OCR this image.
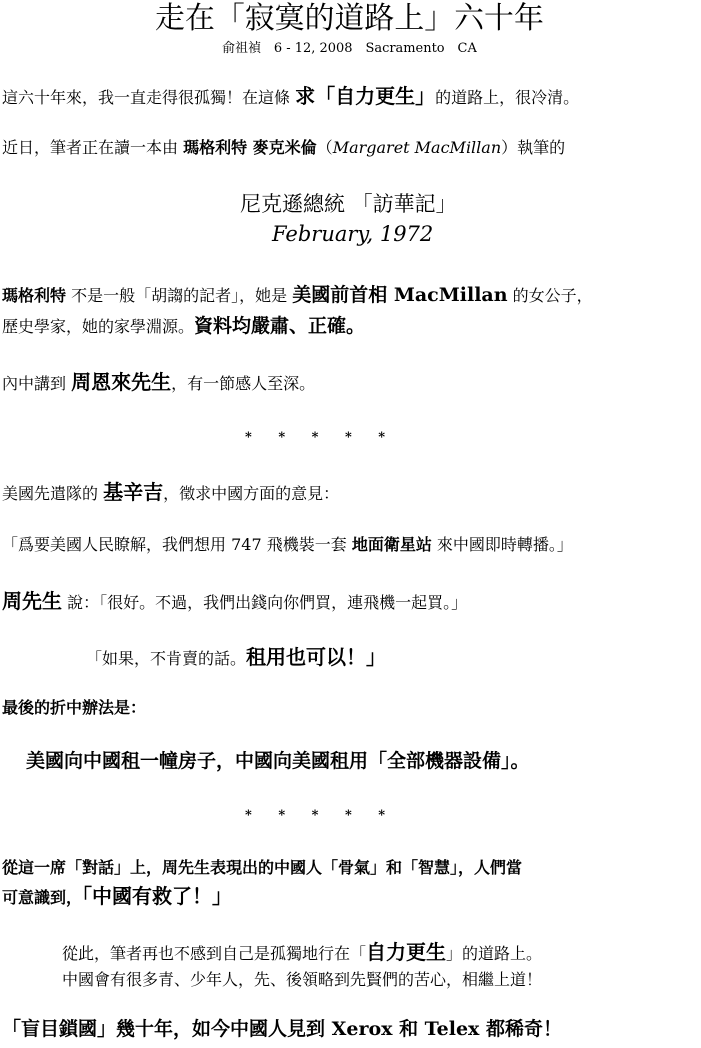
走在「寂寞的道路上」六十年
俞祖禎　6 - 12, 2008　Sacramento　CA
這六十年來，我一直走得很孤獨！在這條 求「自力更生」的道路上，很冷清。
近日，筆者正在讀一本由 瑪格利特 麥克米倫（Margaret MacMillan）執筆的
尼克遜總統 「訪華記」
February, 1972
瑪格利特 不是一般「胡謅的記者」，她是 美國前首相 MacMillan 的女公子，
歷史學家，她的家學淵源。資料均嚴肅、正確。
內中講到 周恩來先生，有一節感人至深。
* * * * *
美國先遣隊的 基辛吉，徵求中國方面的意見：
「爲要美國人民瞭解，我們想用 747 飛機裝一套 地面衛星站 來中國即時轉播。」
周先生 說：「很好。不過，我們出錢向你們買，連飛機一起買。」
「如果，不肯賣的話。租用也可以！」
最後的折中辦法是：
美國向中國租一幢房子，中國向美國租用「全部機器設備」。
* * * * *
從這一席「對話」上，周先生表現出的中國人「骨氣」和「智慧」，人們當
可意識到，「中國有救了！」
從此，筆者再也不感到自己是孤獨地行在「自力更生」的道路上。
中國會有很多青、少年人，先、後領略到先賢們的苦心，相繼上道！
「盲目鎖國」幾十年，如今中國人見到 Xerox 和 Telex 都稀奇！
